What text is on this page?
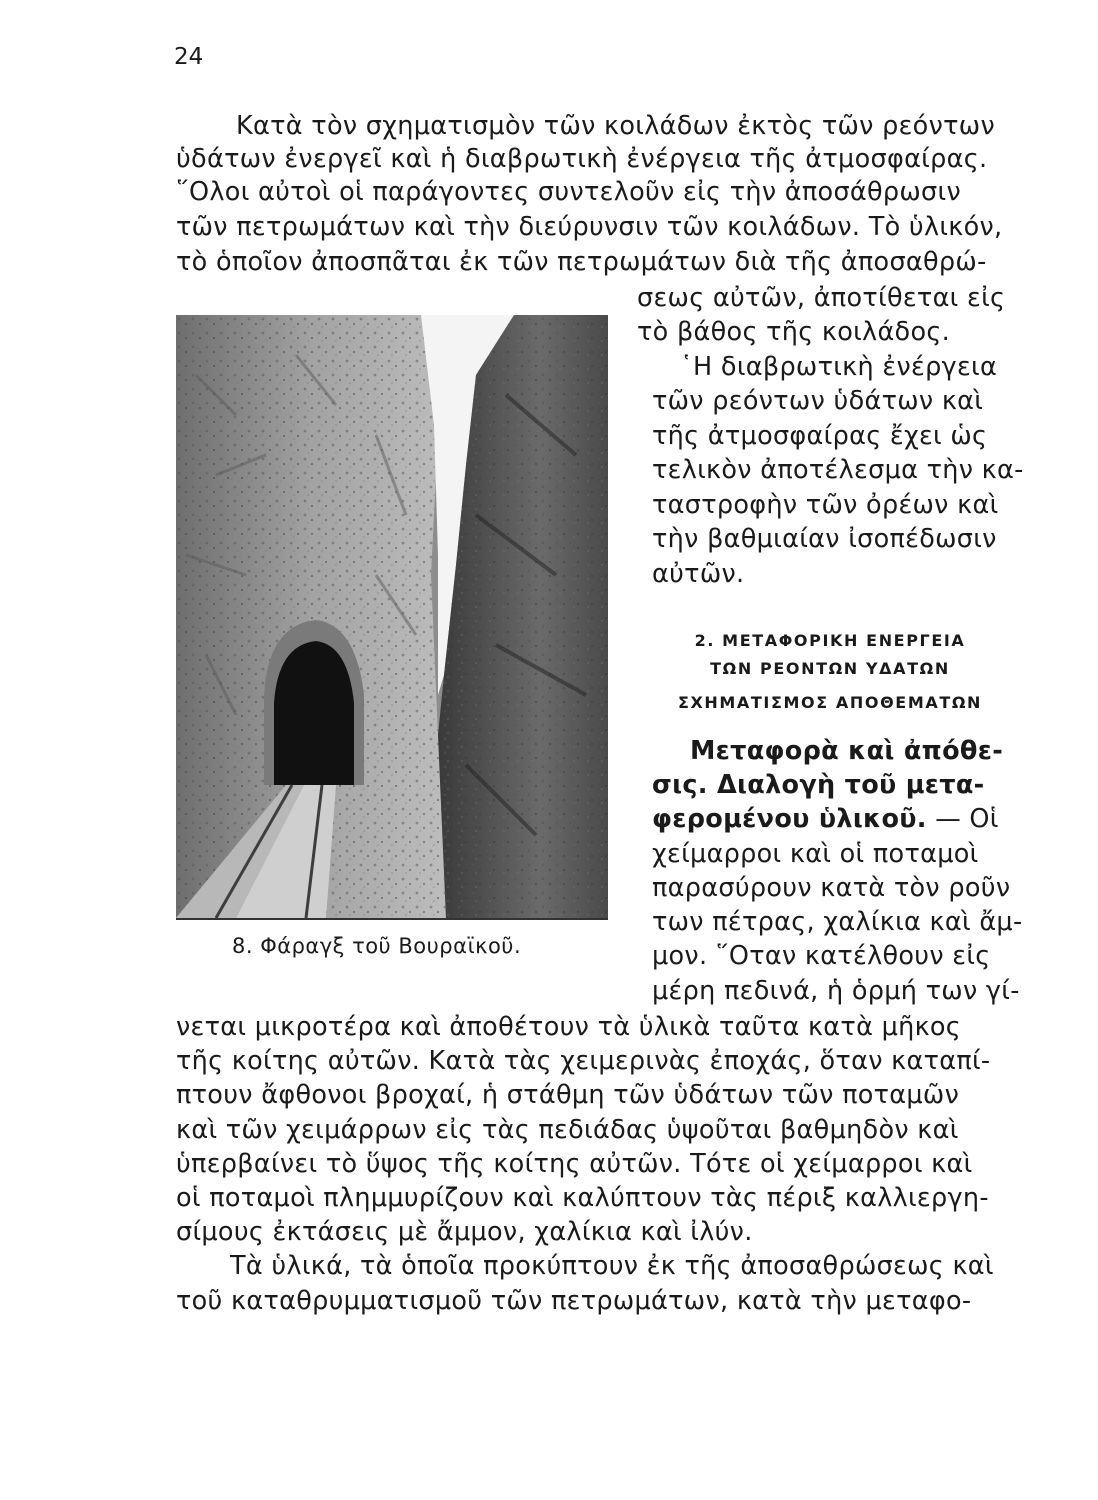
24
Κατὰ τὸν σχηματισμὸν τῶν κοιλάδων ἐκτὸς τῶν ρεόντων
ὑδάτων ἐνεργεῖ καὶ ἡ διαβρωτικὴ ἐνέργεια τῆς ἀτμοσφαίρας.
῞Ολοι αὐτοὶ οἱ παράγοντες συντελοῦν εἰς τὴν ἀποσάθρωσιν
τῶν πετρωμάτων καὶ τὴν διεύρυνσιν τῶν κοιλάδων. Τὸ ὑλικόν,
τὸ ὁποῖον ἀποσπᾶται ἐκ τῶν πετρωμάτων διὰ τῆς ἀποσαθρώ-
σεως αὐτῶν, ἀποτίθεται εἰς
τὸ βάθος τῆς κοιλάδος.
῾Η διαβρωτικὴ ἐνέργεια
τῶν ρεόντων ὑδάτων καὶ
τῆς ἀτμοσφαίρας ἔχει ὡς
τελικὸν ἀποτέλεσμα τὴν κα-
ταστροφὴν τῶν ὀρέων καὶ
τὴν βαθμιαίαν ἰσοπέδωσιν
αὐτῶν.
2. ΜΕΤΑΦΟΡΙΚΗ ΕΝΕΡΓΕΙΑ
ΤΩΝ ΡΕΟΝΤΩΝ ΥΔΑΤΩΝ
ΣΧΗΜΑΤΙΣΜΟΣ ΑΠΟΘΕΜΑΤΩΝ
Μεταφορὰ καὶ ἀπόθε-
σις. Διαλογὴ τοῦ μετα-
φερομένου ὑλικοῦ. — Οἱ
χείμαρροι καὶ οἱ ποταμοὶ
παρασύρουν κατὰ τὸν ροῦν
των πέτρας, χαλίκια καὶ ἄμ-
μον. ῞Οταν κατέλθουν εἰς
μέρη πεδινά, ἡ ὁρμή των γί-
νεται μικροτέρα καὶ ἀποθέτουν τὰ ὑλικὰ ταῦτα κατὰ μῆκος
τῆς κοίτης αὐτῶν. Κατὰ τὰς χειμερινὰς ἐποχάς, ὅταν καταπί-
πτουν ἄφθονοι βροχαί, ἡ στάθμη τῶν ὑδάτων τῶν ποταμῶν
καὶ τῶν χειμάρρων εἰς τὰς πεδιάδας ὑψοῦται βαθμηδὸν καὶ
ὑπερβαίνει τὸ ὕψος τῆς κοίτης αὐτῶν. Τότε οἱ χείμαρροι καὶ
οἱ ποταμοὶ πλημμυρίζουν καὶ καλύπτουν τὰς πέριξ καλλιεργη-
σίμους ἐκτάσεις μὲ ἄμμον, χαλίκια καὶ ἰλύν.
Τὰ ὑλικά, τὰ ὁποῖα προκύπτουν ἐκ τῆς ἀποσαθρώσεως καὶ
τοῦ καταθρυμματισμοῦ τῶν πετρωμάτων, κατὰ τὴν μεταφο-
8. Φάραγξ τοῦ Βουραϊκοῦ.
